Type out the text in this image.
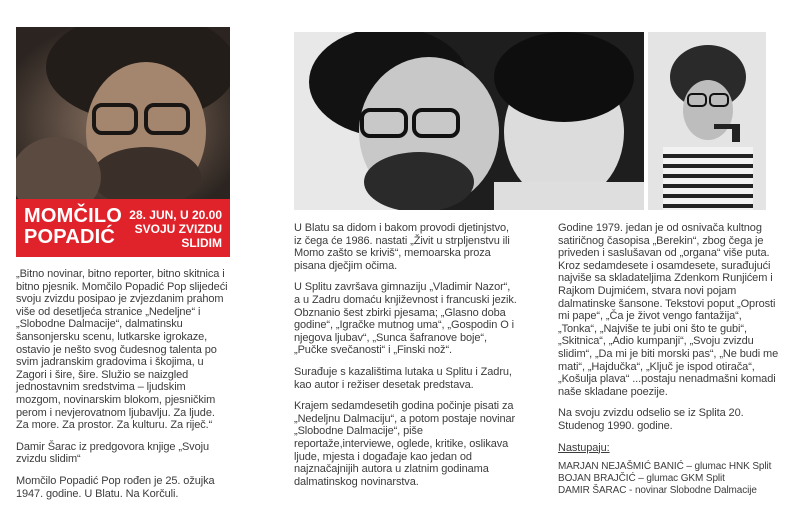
MOMČILO
POPADIĆ
28. JUN, U 20.00
SVOJU ZVIZDU
SLIDIM

„Bitno novinar, bitno reporter, bitno skitnica i bitno pjesnik. Momčilo Popadić Pop slijedeći svoju zvizdu posipao je zvjezdanim prahom više od desetljeća stranice „Nedeljne“ i „Slobodne Dalmacije“, dalmatinsku šansonjersku scenu, lutkarske igrokaze, ostavio je nešto svog čudesnog talenta po svim jadranskim gradovima i škojima, u Zagori i šire, šire. Služio se naizgled jednostavnim sredstvima – ljudskim mozgom, novinarskim blokom, pjesničkim perom i nevjerovatnom ljubavlju. Za ljude. Za more. Za prostor. Za kulturu. Za riječ.“

Damir Šarac iz predgovora knjige „Svoju zvizdu slidim“

Momčilo Popadić Pop rođen je 25. ožujka 1947. godine. U Blatu. Na Korčuli.

U Blatu sa didom i bakom provodi djetinjstvo, iz čega će 1986. nastati „Živit u strpljenstvu ili Momo zašto se kriviš“, memoarska proza pisana dječjim očima.

U Splitu završava gimnaziju „Vladimir Nazor“, a u Zadru domaću književnost i francuski jezik. Obznanio šest zbirki pjesama; „Glasno doba godine“, „Igračke mutnog uma“, „Gospodin O i njegova ljubav“, „Sunca šafranove boje“, „Pučke svečanosti“ i „Finski nož“.

Surađuje s kazalištima lutaka u Splitu i Zadru, kao autor i režiser desetak predstava.

Krajem sedamdesetih godina počinje pisati za „Nedeljnu Dalmaciju“, a potom postaje novinar „Slobodne Dalmacije“, piše reportaže,interviewe, oglede, kritike, oslikava ljude, mjesta i događaje kao jedan od najznačajnijih autora u zlatnim godinama dalmatinskog novinarstva.

Godine 1979. jedan je od osnivača kultnog satiričnog časopisa „Berekin“, zbog čega je priveden i saslušavan od „organa“ više puta. Kroz sedamdesete i osamdesete, surađujući najviše sa skladateljima Zdenkom Runjićem i Rajkom Dujmićem, stvara novi pojam dalmatinske šansone. Tekstovi poput „Oprosti mi pape“, „Ča je život vengo fantažija“, „Tonka“, „Najviše te jubi oni što te gubi“, „Skitnica“, „Adio kumpanji“, „Svoju zvizdu slidim“, „Da mi je biti morski pas“, „Ne budi me mati“, „Hajdučka“, „Ključ je ispod otirača“, „Košulja plava“ ...postaju nenadmašni komadi naše skladane poezije.

Na svoju zvizdu odselio se iz Splita 20. Studenog 1990. godine.

Nastupaju:
MARJAN NEJAŠMIĆ BANIĆ – glumac HNK Split
BOJAN BRAJČIĆ – glumac GKM Split
DAMIR ŠARAC - novinar Slobodne Dalmacije
